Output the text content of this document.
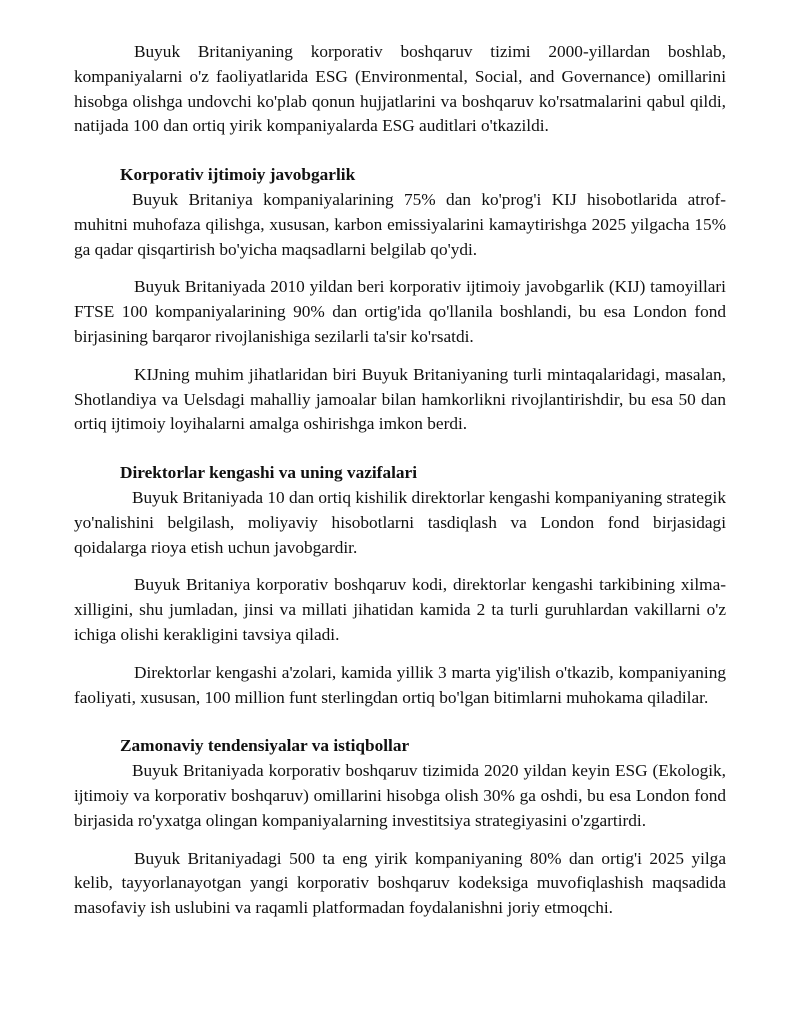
Buyuk Britaniyaning korporativ boshqaruv tizimi 2000-yillardan boshlab, kompaniyalarni o'z faoliyatlarida ESG (Environmental, Social, and Governance) omillarini hisobga olishga undovchi ko'plab qonun hujjatlarini va boshqaruv ko'rsatmalarini qabul qildi, natijada 100 dan ortiq yirik kompaniyalarda ESG auditlari o'tkazildi.

Korporativ ijtimoiy javobgarlik

Buyuk Britaniya kompaniyalarining 75% dan ko'prog'i KIJ hisobotlarida atrof-muhitni muhofaza qilishga, xususan, karbon emissiyalarini kamaytirishga 2025 yilgacha 15% ga qadar qisqartirish bo'yicha maqsadlarni belgilab qo'ydi.

Buyuk Britaniyada 2010 yildan beri korporativ ijtimoiy javobgarlik (KIJ) tamoyillari FTSE 100 kompaniyalarining 90% dan ortig'ida qo'llanila boshlandi, bu esa London fond birjasining barqaror rivojlanishiga sezilarli ta'sir ko'rsatdi.

KIJning muhim jihatlaridan biri Buyuk Britaniyaning turli mintaqalaridagi, masalan, Shotlandiya va Uelsdagi mahalliy jamoalar bilan hamkorlikni rivojlantirishdir, bu esa 50 dan ortiq ijtimoiy loyihalarni amalga oshirishga imkon berdi.

Direktorlar kengashi va uning vazifalari

Buyuk Britaniyada 10 dan ortiq kishilik direktorlar kengashi kompaniyaning strategik yo'nalishini belgilash, moliyaviy hisobotlarni tasdiqlash va London fond birjasidagi qoidalarga rioya etish uchun javobgardir.

Buyuk Britaniya korporativ boshqaruv kodi, direktorlar kengashi tarkibining xilma-xilligini, shu jumladan, jinsi va millati jihatidan kamida 2 ta turli guruhlardan vakillarni o'z ichiga olishi kerakligini tavsiya qiladi.

Direktorlar kengashi a'zolari, kamida yillik 3 marta yig'ilish o'tkazib, kompaniyaning faoliyati, xususan, 100 million funt sterlingdan ortiq bo'lgan bitimlarni muhokama qiladilar.

Zamonaviy tendensiyalar va istiqbollar

Buyuk Britaniyada korporativ boshqaruv tizimida 2020 yildan keyin ESG (Ekologik, ijtimoiy va korporativ boshqaruv) omillarini hisobga olish 30% ga oshdi, bu esa London fond birjasida ro'yxatga olingan kompaniyalarning investitsiya strategiyasini o'zgartirdi.

Buyuk Britaniyadagi 500 ta eng yirik kompaniyaning 80% dan ortig'i 2025 yilga kelib, tayyorlanayotgan yangi korporativ boshqaruv kodeksiga muvofiqlashish maqsadida masofaviy ish uslubini va raqamli platformadan foydalanishni joriy etmoqchi.
